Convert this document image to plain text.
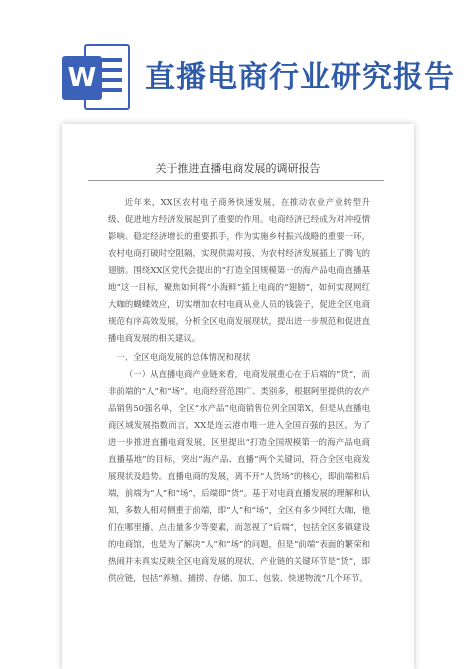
W 直播电商行业研究报告
关于推进直播电商发展的调研报告

近年来，XX区农村电子商务快速发展，在推动农业产业转型升级、促进地方经济发展起到了重要的作用。电商经济已经成为对冲疫情影响、稳定经济增长的重要抓手，作为实施乡村振兴战略的重要一环，农村电商打破时空阻隔，实现供需对接，为农村经济发展插上了腾飞的翅膀。围绕XX区党代会提出的“打造全国规模第一的海产品电商直播基地”这一目标，聚焦如何将“小海鲜”插上电商的“翅膀”，如何实现网红大咖的蝴蝶效应，切实增加农村电商从业人员的钱袋子，促进全区电商规范有序高效发展，分析全区电商发展现状，提出进一步规范和促进直播电商发展的相关建议。

一、全区电商发展的总体情况和现状

（一）从直播电商产业链来看，电商发展重心在于后端的“货”，而非前端的“人”和“场”。电商经营范围广、类别多，根据阿里提供的农产品销售50强名单，全区“水产品”电商销售位列全国第X，但是从直播电商区域发展指数而言，XX是连云港市唯一进入全国百强的县区。为了进一步推进直播电商发展，区里提出“打造全国规模第一的海产品电商直播基地”的目标，突出“海产品、直播”两个关键词，符合全区电商发展现状及趋势。直播电商的发展，离不开“人货场”的核心，即前端和后端，前端为“人”和“场”，后端即“货”。基于对电商直播发展的理解和认知，多数人相对侧重于前端，即“人”和“场”，全区有多少网红大咖，他们在哪里播、点击量多少等要素，而忽视了“后端”，包括全区多镇建设的电商馆，也是为了解决“人”和“场”的问题，但是“前端”表面的繁荣和热闹并未真实反映全区电商发展的现状，产业链的关键环节是“货”，即供应链，包括“养殖、捕捞、存储、加工、包装、快递物流”几个环节。
